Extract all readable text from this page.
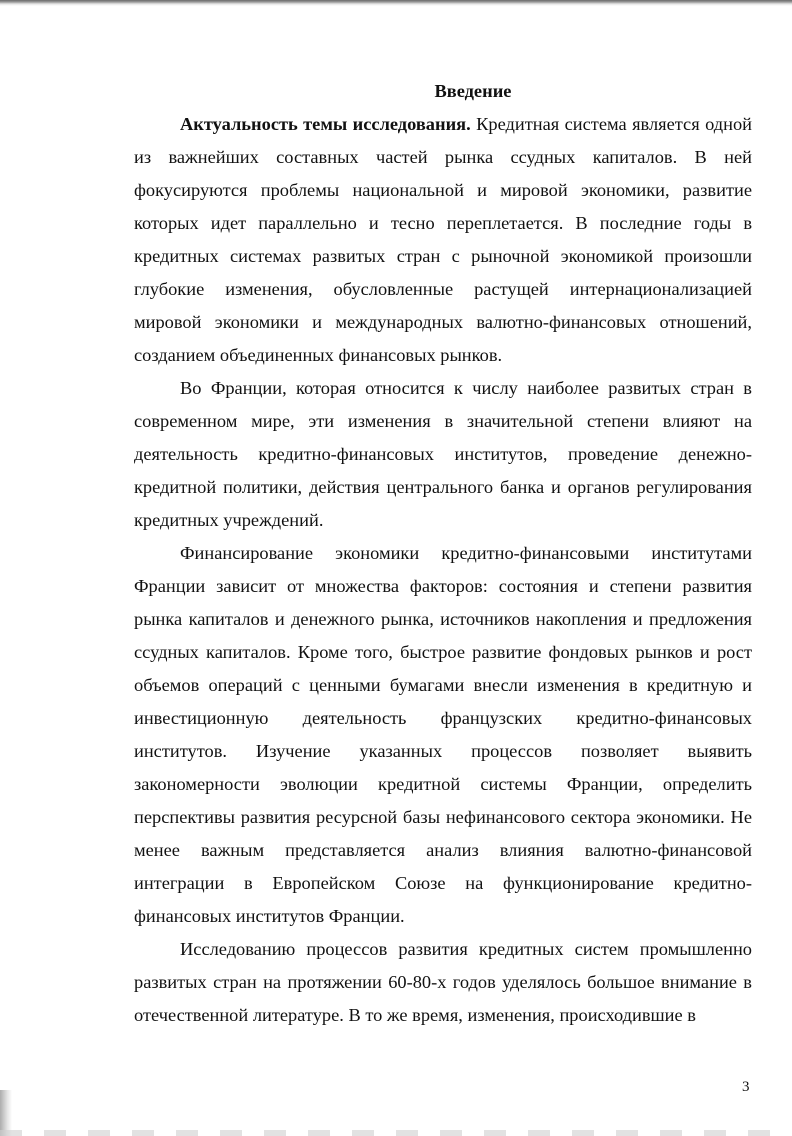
Введение

Актуальность темы исследования. Кредитная система является одной из важнейших составных частей рынка ссудных капиталов. В ней фокусируются проблемы национальной и мировой экономики, развитие которых идет параллельно и тесно переплетается. В последние годы в кредитных системах развитых стран с рыночной экономикой произошли глубокие изменения, обусловленные растущей интернационализацией мировой экономики и международных валютно-финансовых отношений, созданием объединенных финансовых рынков.

Во Франции, которая относится к числу наиболее развитых стран в современном мире, эти изменения в значительной степени влияют на деятельность кредитно-финансовых институтов, проведение денежно-кредитной политики, действия центрального банка и органов регулирования кредитных учреждений.

Финансирование экономики кредитно-финансовыми институтами Франции зависит от множества факторов: состояния и степени развития рынка капиталов и денежного рынка, источников накопления и предложения ссудных капиталов. Кроме того, быстрое развитие фондовых рынков и рост объемов операций с ценными бумагами внесли изменения в кредитную и инвестиционную деятельность французских кредитно-финансовых институтов. Изучение указанных процессов позволяет выявить закономерности эволюции кредитной системы Франции, определить перспективы развития ресурсной базы нефинансового сектора экономики. Не менее важным представляется анализ влияния валютно-финансовой интеграции в Европейском Союзе на функционирование кредитно-финансовых институтов Франции.

Исследованию процессов развития кредитных систем промышленно развитых стран на протяжении 60-80-х годов уделялось большое внимание в отечественной литературе. В то же время, изменения, происходившие в

3
